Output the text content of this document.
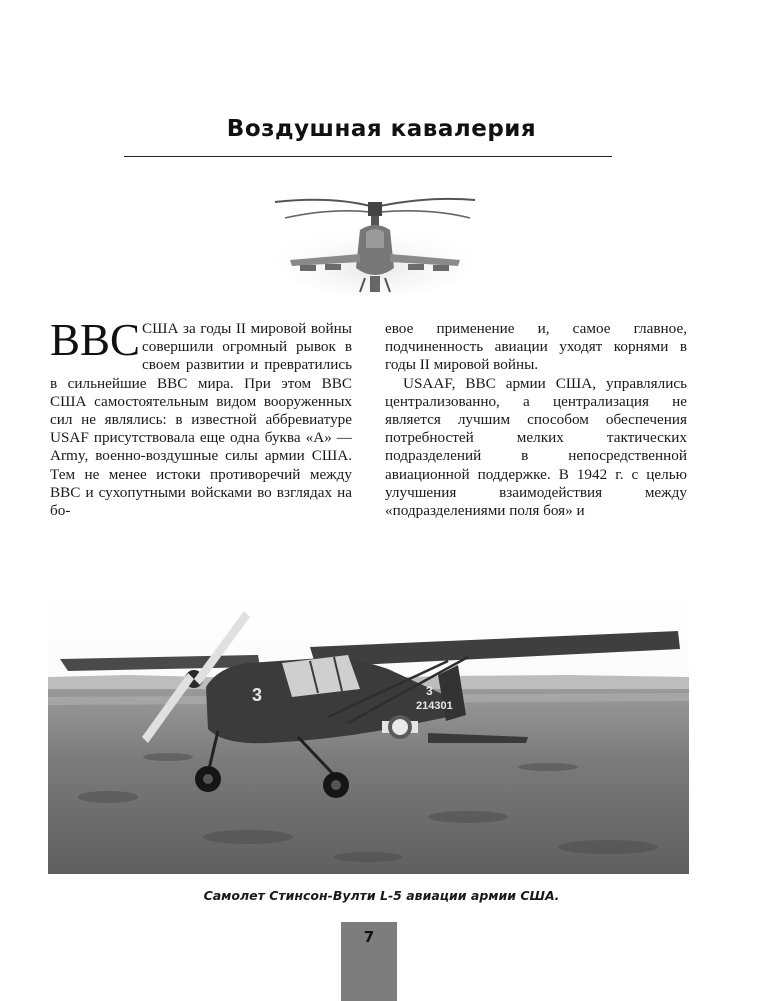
Воздушная кавалерия

ВВС США за годы II мировой войны совершили огромный рывок в своем развитии и превратились в сильнейшие ВВС мира. При этом ВВС США самостоятельным видом вооруженных сил не являлись: в известной аббревиатуре USAF присутствовала еще одна буква «А» — Army, военно-воздушные силы армии США. Тем не менее истоки противоречий между ВВС и сухопутными войсками во взглядах на бо-

евое применение и, самое главное, подчиненность авиации уходят корнями в годы II мировой войны.

USAAF, ВВС армии США, управлялись централизованно, а централизация не является лучшим способом обеспечения потребностей мелких тактических подразделений в непосредственной авиационной поддержке. В 1942 г. с целью улучшения взаимодействия между «подразделениями поля боя» и

3	3
214301
Самолет Стинсон-Вулти L-5 авиации армии США.
7
